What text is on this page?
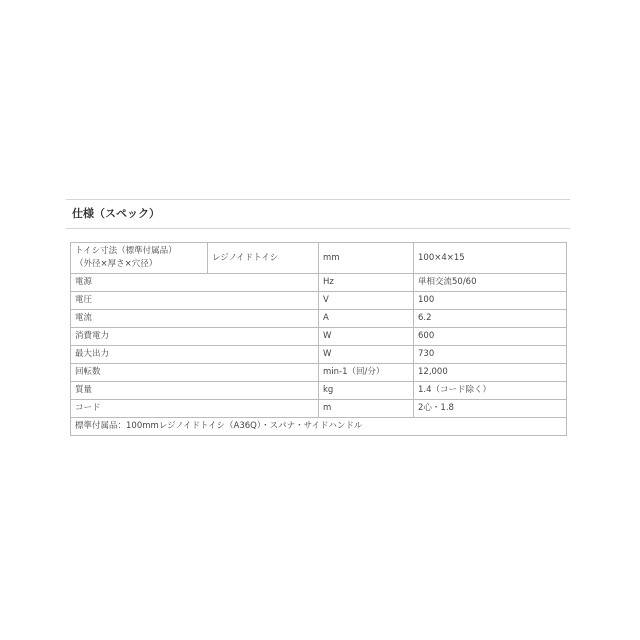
仕様（スペック）
トイシ寸法（標準付属品）
（外径×厚さ×穴径）	レジノイドトイシ	mm	100×4×15
電源		Hz	単相交流50/60
電圧		V	100
電流		A	6.2
消費電力		W	600
最大出力		W	730
回転数		min-1（回/分）	12,000
質量		kg	1.4（コード除く）
コード		m	2心・1.8
標準付属品：100mmレジノイドトイシ（A36Q）・スパナ・サイドハンドル			
